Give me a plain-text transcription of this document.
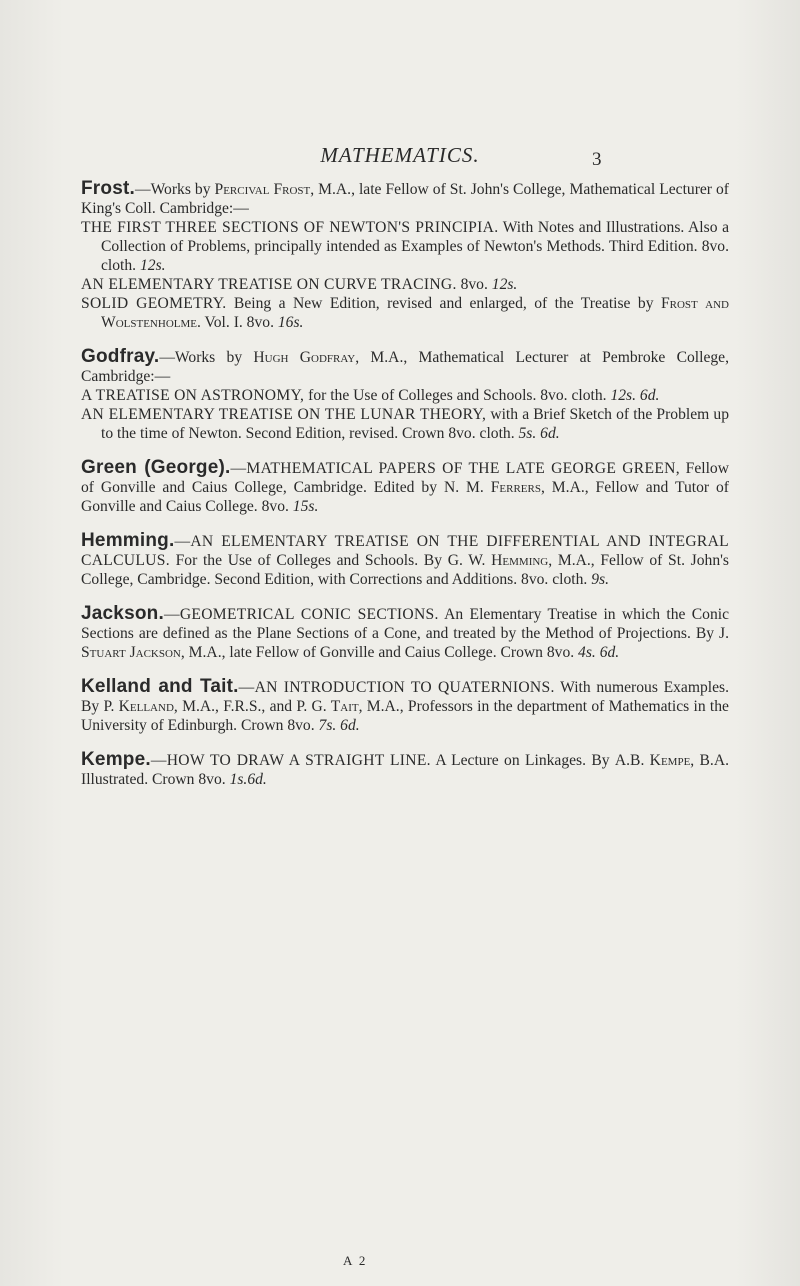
MATHEMATICS.	3

Frost.—Works by Percival Frost, M.A., late Fellow of St. John's College, Mathematical Lecturer of King's Coll. Cambridge:—

THE FIRST THREE SECTIONS OF NEWTON'S PRINCIPIA. With Notes and Illustrations. Also a Collection of Problems, principally intended as Examples of Newton's Methods. Third Edition. 8vo. cloth. 12s.

AN ELEMENTARY TREATISE ON CURVE TRACING. 8vo. 12s.

SOLID GEOMETRY. Being a New Edition, revised and enlarged, of the Treatise by Frost and Wolstenholme. Vol. I. 8vo. 16s.

Godfray.—Works by Hugh Godfray, M.A., Mathematical Lecturer at Pembroke College, Cambridge:—

A TREATISE ON ASTRONOMY, for the Use of Colleges and Schools. 8vo. cloth. 12s. 6d.

AN ELEMENTARY TREATISE ON THE LUNAR THEORY, with a Brief Sketch of the Problem up to the time of Newton. Second Edition, revised. Crown 8vo. cloth. 5s. 6d.

Green (George).—MATHEMATICAL PAPERS OF THE LATE GEORGE GREEN, Fellow of Gonville and Caius College, Cambridge. Edited by N. M. Ferrers, M.A., Fellow and Tutor of Gonville and Caius College. 8vo. 15s.

Hemming.—AN ELEMENTARY TREATISE ON THE DIFFERENTIAL AND INTEGRAL CALCULUS. For the Use of Colleges and Schools. By G. W. Hemming, M.A., Fellow of St. John's College, Cambridge. Second Edition, with Corrections and Additions. 8vo. cloth. 9s.

Jackson.—GEOMETRICAL CONIC SECTIONS. An Elementary Treatise in which the Conic Sections are defined as the Plane Sections of a Cone, and treated by the Method of Projections. By J. Stuart Jackson, M.A., late Fellow of Gonville and Caius College. Crown 8vo. 4s. 6d.

Kelland and Tait.—AN INTRODUCTION TO QUATERNIONS. With numerous Examples. By P. Kelland, M.A., F.R.S., and P. G. Tait, M.A., Professors in the department of Mathematics in the University of Edinburgh. Crown 8vo. 7s. 6d.

Kempe.—HOW TO DRAW A STRAIGHT LINE. A Lecture on Linkages. By A.B. Kempe, B.A. Illustrated. Crown 8vo. 1s.6d.

A 2
